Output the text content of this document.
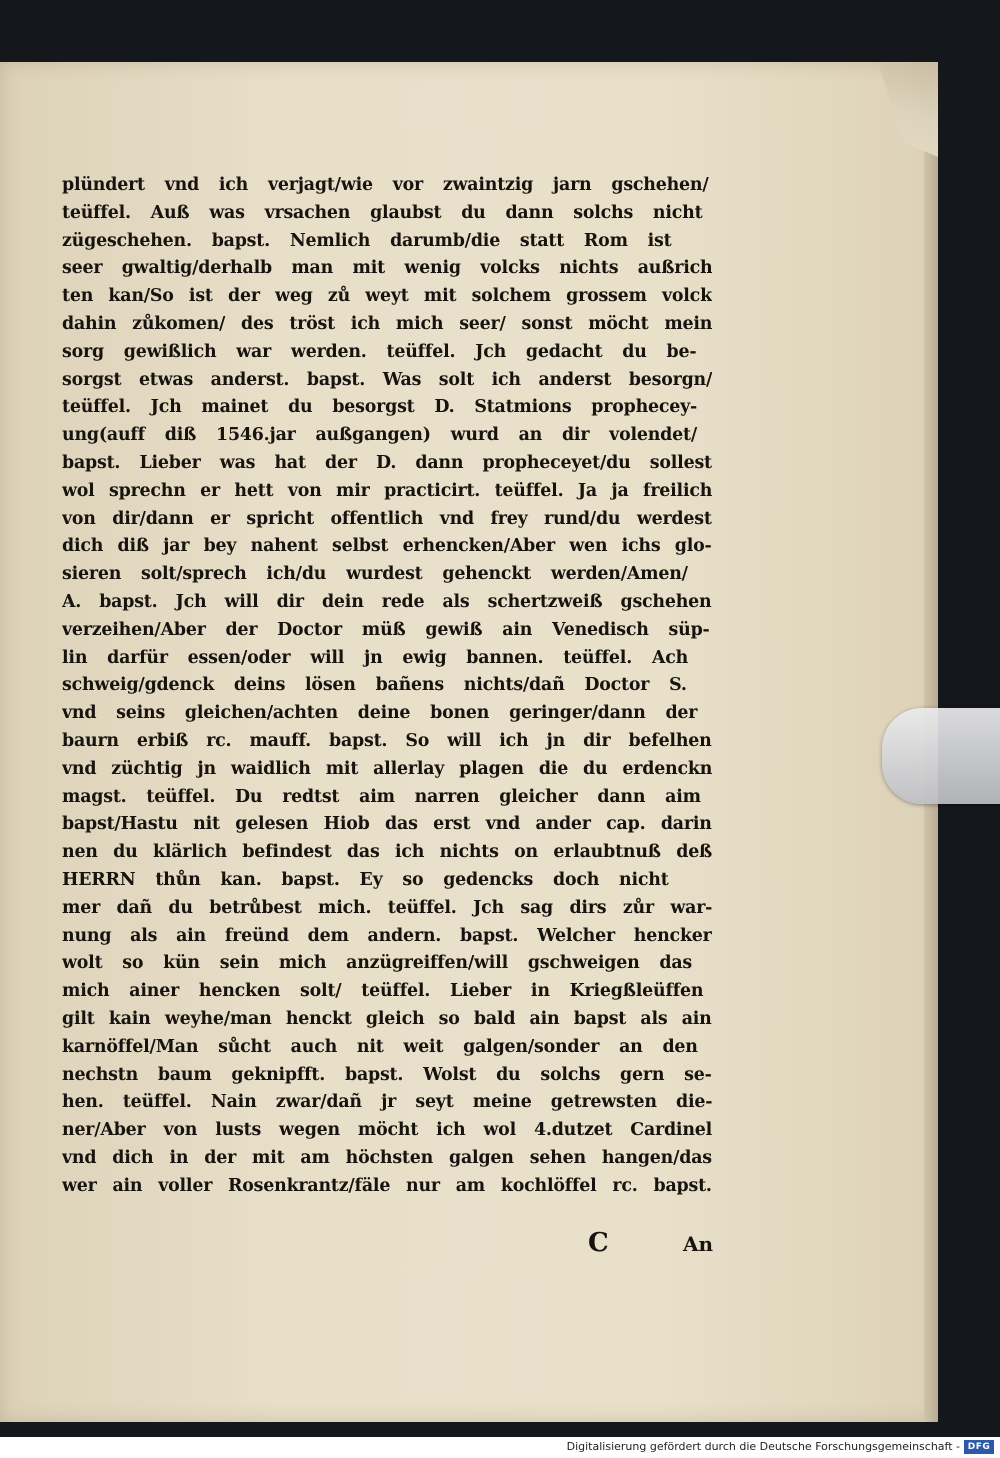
plündert vnd ich verjagt/wie vor zwaintzig jarn gschehen/
teüffel. Auß was vrsachen glaubst du dann solchs nicht
zügeschehen. bapst. Nemlich darumb/die statt Rom ist
seer gwaltig/derhalb man mit wenig volcks nichts außrich
ten kan/So ist der weg zů weyt mit solchem grossem volck
dahin zůkomen/ des tröst ich mich seer/ sonst möcht mein
sorg gewißlich war werden. teüffel. Jch gedacht du be-
sorgst etwas anderst. bapst. Was solt ich anderst besorgn/
teüffel. Jch mainet du besorgst D. Statmions prophecey-
ung(auff diß 1546.jar außgangen) wurd an dir volendet/
bapst. Lieber was hat der D. dann propheceyet/du sollest
wol sprechn er hett von mir practicirt. teüffel. Ja ja freilich
von dir/dann er spricht offentlich vnd frey rund/du werdest
dich diß jar bey nahent selbst erhencken/Aber wen ichs glo-
sieren solt/sprech ich/du wurdest gehenckt werden/Amen/
A. bapst. Jch will dir dein rede als schertzweiß gschehen
verzeihen/Aber der Doctor müß gewiß ain Venedisch süp-
lin darfür essen/oder will jn ewig bannen. teüffel. Ach
schweig/gdenck deins lösen bañens nichts/dañ Doctor S.
vnd seins gleichen/achten deine bonen geringer/dann der
baurn erbiß rc. mauff. bapst. So will ich jn dir befelhen
vnd züchtig jn waidlich mit allerlay plagen die du erdenckn
magst. teüffel. Du redtst aim narren gleicher dann aim
bapst/Hastu nit gelesen Hiob das erst vnd ander cap. darin
nen du klärlich befindest das ich nichts on erlaubtnuß deß
HERRN thůn kan. bapst. Ey so gedencks doch nicht
mer dañ du betrůbest mich. teüffel. Jch sag dirs zůr war-
nung als ain freünd dem andern. bapst. Welcher hencker
wolt so kün sein mich anzügreiffen/will gschweigen das
mich ainer hencken solt/ teüffel. Lieber in Kriegßleüffen
gilt kain weyhe/man henckt gleich so bald ain bapst als ain
karnöffel/Man sůcht auch nit weit galgen/sonder an den
nechstn baum geknipfft. bapst. Wolst du solchs gern se-
hen. teüffel. Nain zwar/dañ jr seyt meine getrewsten die-
ner/Aber von lusts wegen möcht ich wol 4.dutzet Cardinel
vnd dich in der mit am höchsten galgen sehen hangen/das
wer ain voller Rosenkrantz/fäle nur am kochlöffel rc. bapst.
C	An
Digitalisierung gefördert durch die Deutsche Forschungsgemeinschaft - DFG
